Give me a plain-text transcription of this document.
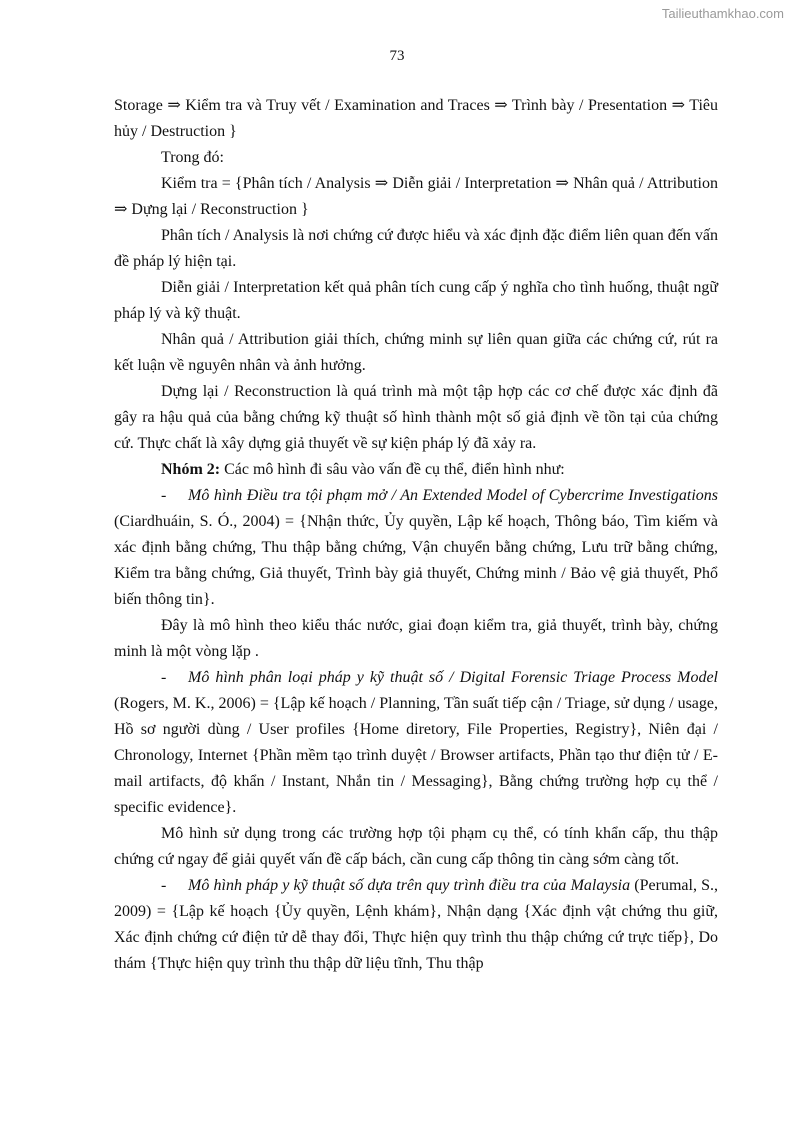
Tailieuthamkhao.com
73

Storage ⇒ Kiểm tra và Truy vết / Examination and Traces ⇒ Trình bày / Presentation ⇒ Tiêu hủy / Destruction }

Trong đó:

Kiểm tra = {Phân tích / Analysis ⇒ Diễn giải / Interpretation ⇒ Nhân quả / Attribution ⇒ Dựng lại / Reconstruction }

Phân tích / Analysis là nơi chứng cứ được hiểu và xác định đặc điểm liên quan đến vấn đề pháp lý hiện tại.

Diễn giải / Interpretation kết quả phân tích cung cấp ý nghĩa cho tình huống, thuật ngữ pháp lý và kỹ thuật.

Nhân quả / Attribution giải thích, chứng minh sự liên quan giữa các chứng cứ, rút ra kết luận về nguyên nhân và ảnh hưởng.

Dựng lại / Reconstruction là quá trình mà một tập hợp các cơ chế được xác định đã gây ra hậu quả của bằng chứng kỹ thuật số hình thành một số giả định về tồn tại của chứng cứ. Thực chất là xây dựng giả thuyết về sự kiện pháp lý đã xảy ra.

Nhóm 2: Các mô hình đi sâu vào vấn đề cụ thể, điển hình như:

- Mô hình Điều tra tội phạm mở / An Extended Model of Cybercrime Investigations (Ciardhuáin, S. Ó., 2004) = {Nhận thức, Ủy quyền, Lập kế hoạch, Thông báo, Tìm kiếm và xác định bằng chứng, Thu thập bằng chứng, Vận chuyển bằng chứng, Lưu trữ bằng chứng, Kiểm tra bằng chứng, Giả thuyết, Trình bày giả thuyết, Chứng minh / Bảo vệ giả thuyết, Phổ biến thông tin}.

Đây là mô hình theo kiểu thác nước, giai đoạn kiểm tra, giả thuyết, trình bày, chứng minh là một vòng lặp .

- Mô hình phân loại pháp y kỹ thuật số / Digital Forensic Triage Process Model (Rogers, M. K., 2006) = {Lập kế hoạch / Planning, Tần suất tiếp cận / Triage, sử dụng / usage, Hồ sơ người dùng / User profiles {Home diretory, File Properties, Registry}, Niên đại / Chronology, Internet {Phần mềm tạo trình duyệt / Browser artifacts, Phần tạo thư điện tử / E-mail artifacts, độ khẩn / Instant, Nhắn tin / Messaging}, Bằng chứng trường hợp cụ thể / specific evidence}.

Mô hình sử dụng trong các trường hợp tội phạm cụ thể, có tính khẩn cấp, thu thập chứng cứ ngay để giải quyết vấn đề cấp bách, cần cung cấp thông tin càng sớm càng tốt.

- Mô hình pháp y kỹ thuật số dựa trên quy trình điều tra của Malaysia (Perumal, S., 2009) = {Lập kế hoạch {Ủy quyền, Lệnh khám}, Nhận dạng {Xác định vật chứng thu giữ, Xác định chứng cứ điện tử dễ thay đổi, Thực hiện quy trình thu thập chứng cứ trực tiếp}, Do thám {Thực hiện quy trình thu thập dữ liệu tĩnh, Thu thập
